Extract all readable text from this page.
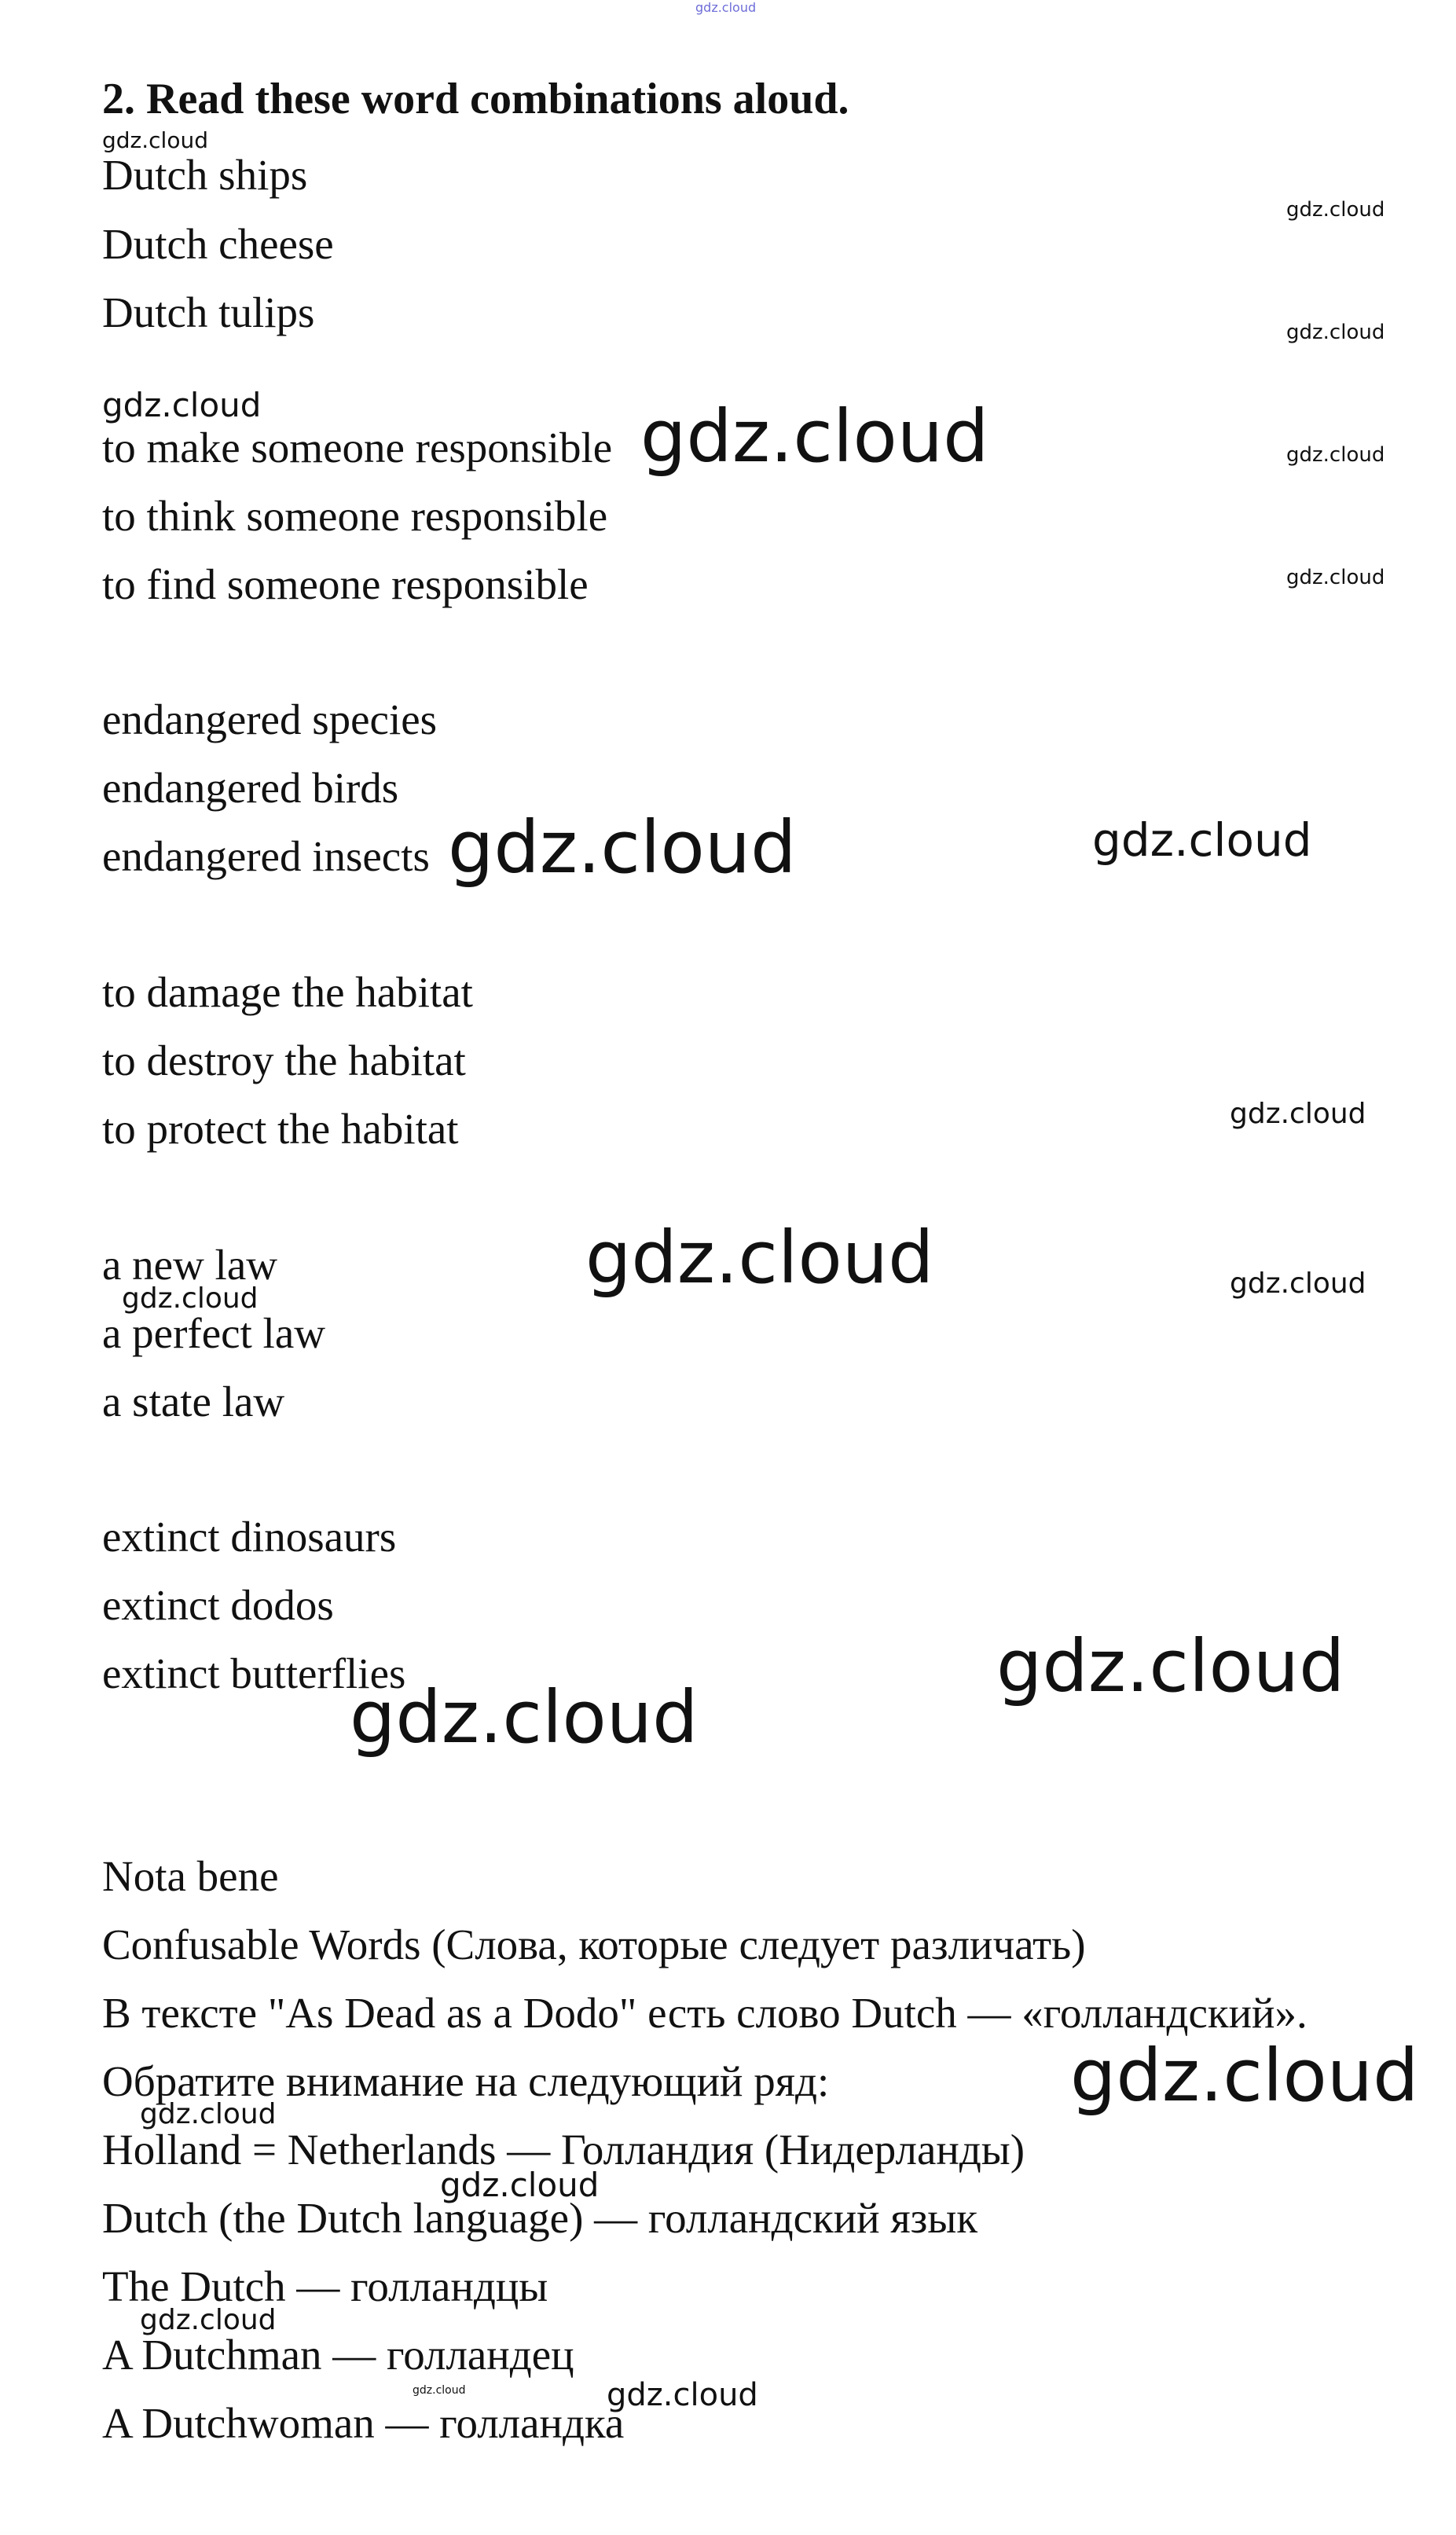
2. Read these word combinations aloud.
Dutch ships
Dutch cheese
Dutch tulips
to make someone responsible
to think someone responsible
to find someone responsible
endangered species
endangered birds
endangered insects
to damage the habitat
to destroy the habitat
to protect the habitat
a new law
a perfect law
a state law
extinct dinosaurs
extinct dodos
extinct butterflies
Nota bene
Confusable Words (Слова, которые следует различать)
В тексте "As Dead as a Dodo" есть слово Dutch — «голландский».
Обратите внимание на следующий ряд:
Holland = Netherlands — Голландия (Нидерланды)
Dutch (the Dutch language) — голландский язык
The Dutch — голландцы
A Dutchman — голландец
A Dutchwoman — голландка
gdz.cloud
gdz.cloud
gdz.cloud
gdz.cloud
gdz.cloud	gdz.cloud	gdz.cloud
gdz.cloud
gdz.cloud	gdz.cloud
gdz.cloud
gdz.cloud	gdz.cloud
gdz.cloud
gdz.cloud
gdz.cloud
gdz.cloud
gdz.cloud
gdz.cloud
gdz.cloud
gdz.cloud	gdz.cloud
